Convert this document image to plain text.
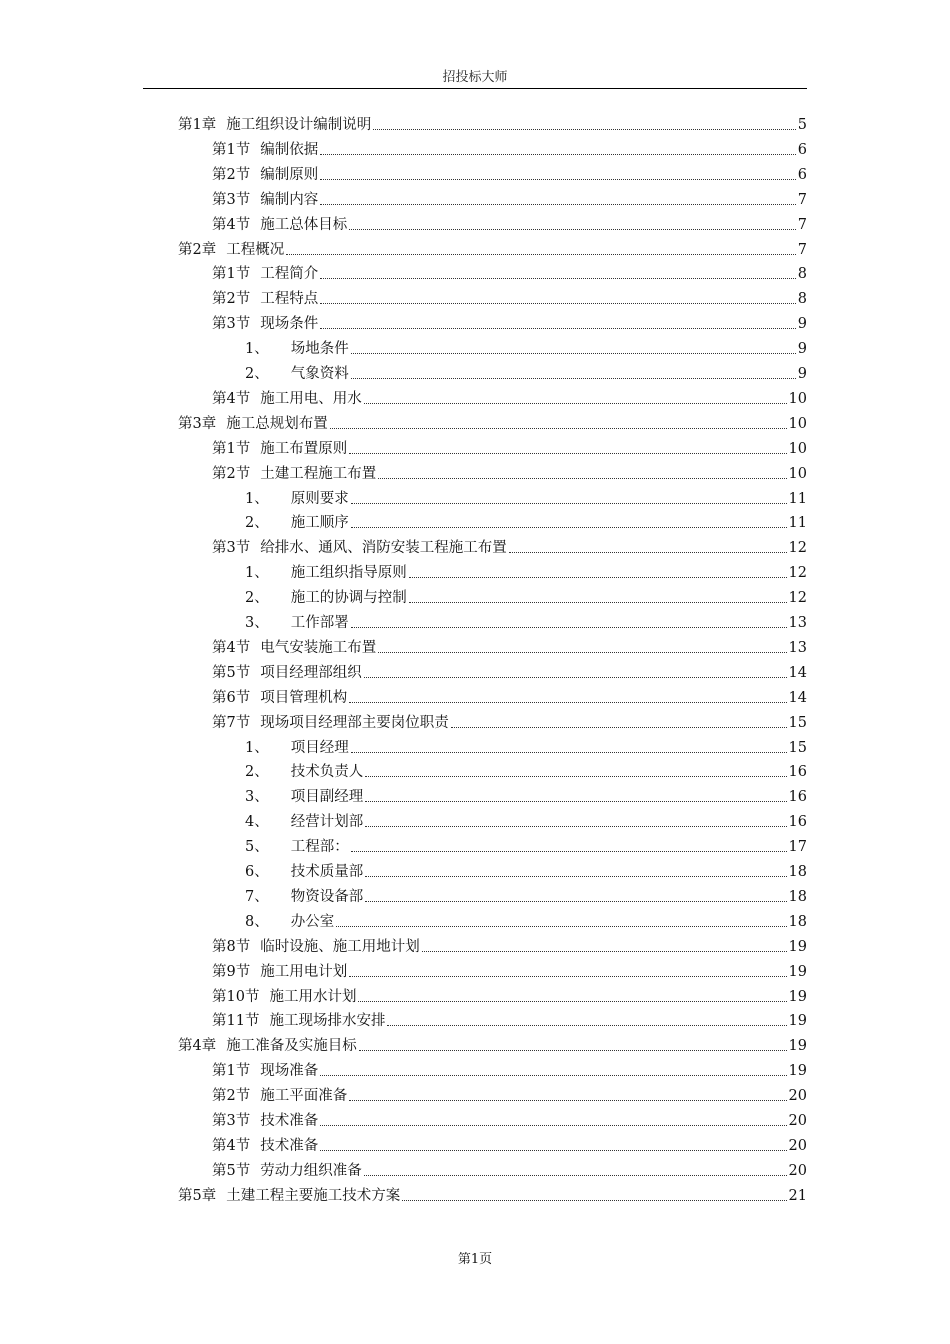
招投标大师
第1章 施工组织设计编制说明	5
第1节 编制依据	6
第2节 编制原则	6
第3节 编制内容	7
第4节 施工总体目标	7
第2章 工程概况	7
第1节 工程简介	8
第2节 工程特点	8
第3节 现场条件	9
1、 场地条件	9
2、 气象资料	9
第4节 施工用电、用水	10
第3章 施工总规划布置	10
第1节 施工布置原则	10
第2节 土建工程施工布置	10
1、 原则要求	11
2、 施工顺序	11
第3节 给排水、通风、消防安装工程施工布置	12
1、 施工组织指导原则	12
2、 施工的协调与控制	12
3、 工作部署	13
第4节 电气安装施工布置	13
第5节 项目经理部组织	14
第6节 项目管理机构	14
第7节 现场项目经理部主要岗位职责	15
1、 项目经理	15
2、 技术负责人	16
3、 项目副经理	16
4、 经营计划部	16
5、 工程部：	17
6、 技术质量部	18
7、 物资设备部	18
8、 办公室	18
第8节 临时设施、施工用地计划	19
第9节 施工用电计划	19
第10节 施工用水计划	19
第11节 施工现场排水安排	19
第4章 施工准备及实施目标	19
第1节 现场准备	19
第2节 施工平面准备	20
第3节 技术准备	20
第4节 技术准备	20
第5节 劳动力组织准备	20
第5章 土建工程主要施工技术方案	21
第1页
